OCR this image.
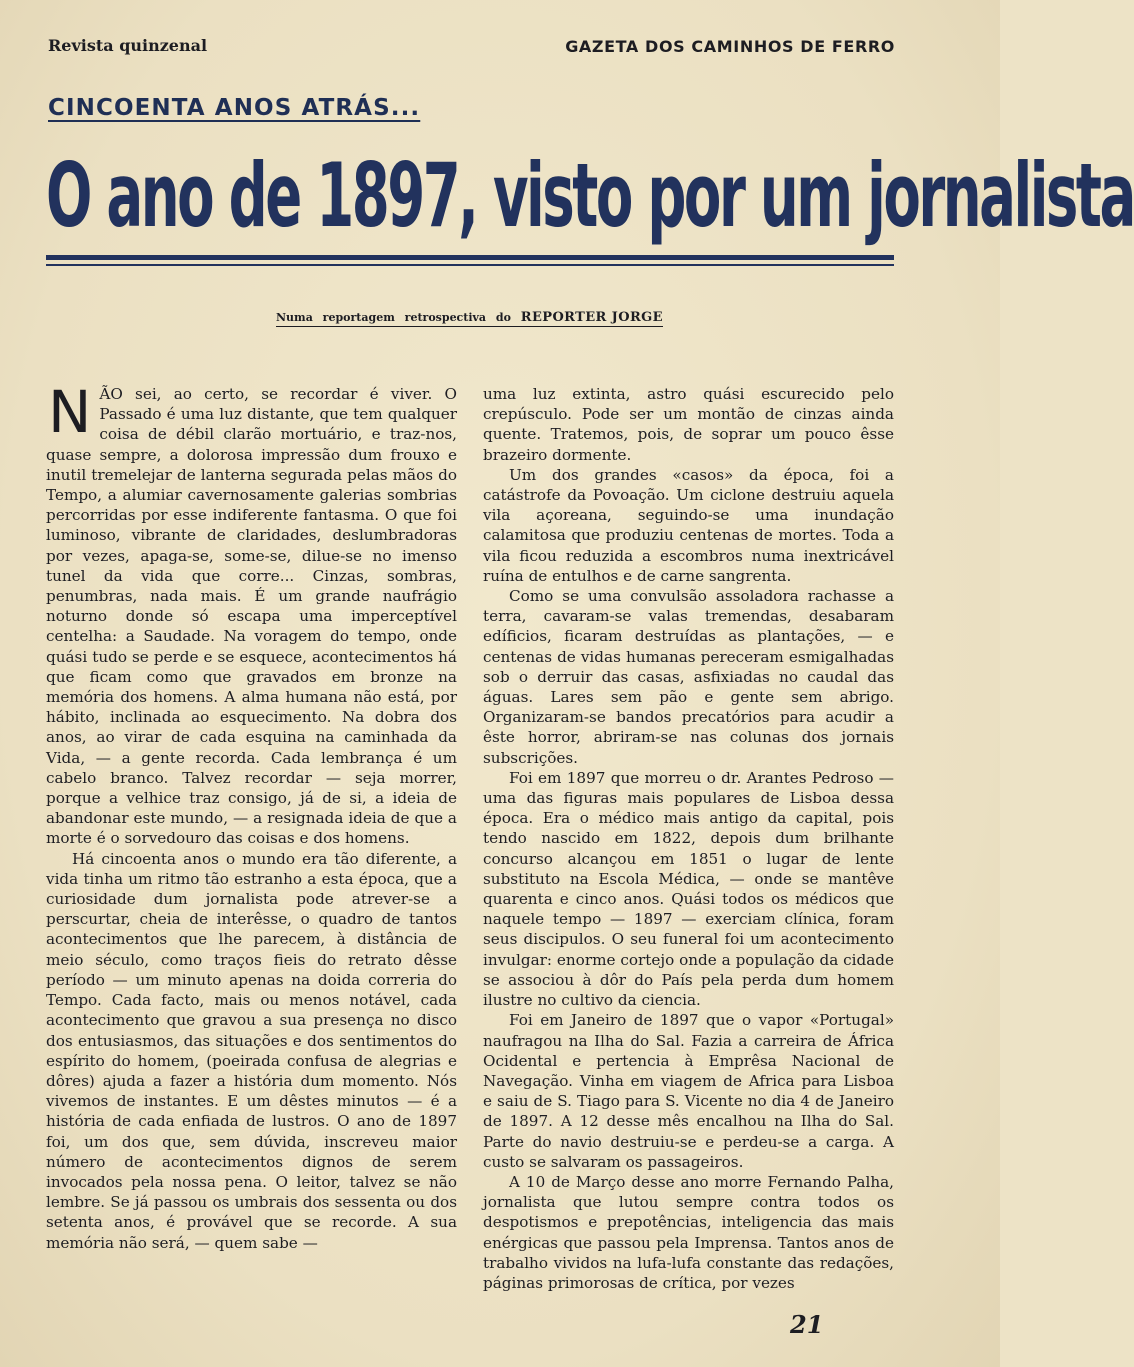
Revista quinzenal	GAZETA DOS CAMINHOS DE FERRO
CINCOENTA ANOS ATRÁS...
O ano de 1897, visto por um jornalista
Numa reportagem retrospectiva do REPORTER JORGE

NÃO sei, ao certo, se recordar é viver. O Passado é uma luz distante, que tem qualquer coisa de débil clarão mortuário, e traz-nos, quase sempre, a dolorosa impressão dum frouxo e inutil tremelejar de lanterna segurada pelas mãos do Tempo, a alumiar cavernosamente galerias sombrias percorridas por esse indiferente fantasma. O que foi luminoso, vibrante de claridades, deslumbradoras por vezes, apaga-se, some-se, dilue-se no imenso tunel da vida que corre... Cinzas, sombras, penumbras, nada mais. É um grande naufrágio noturno donde só escapa uma imperceptível centelha: a Saudade. Na voragem do tempo, onde quási tudo se perde e se esquece, acontecimentos há que ficam como que gravados em bronze na memória dos homens. A alma humana não está, por hábito, inclinada ao esquecimento. Na dobra dos anos, ao virar de cada esquina na caminhada da Vida, — a gente recorda. Cada lembrança é um cabelo branco. Talvez recordar — seja morrer, porque a velhice traz consigo, já de si, a ideia de abandonar este mundo, — a resignada ideia de que a morte é o sorvedouro das coisas e dos homens.

Há cincoenta anos o mundo era tão diferente, a vida tinha um ritmo tão estranho a esta época, que a curiosidade dum jornalista pode atrever-se a perscurtar, cheia de interêsse, o quadro de tantos acontecimentos que lhe parecem, à distância de meio século, como traços fieis do retrato dêsse período — um minuto apenas na doida correria do Tempo. Cada facto, mais ou menos notável, cada acontecimento que gravou a sua presença no disco dos entusiasmos, das situações e dos sentimentos do espírito do homem, (poeirada confusa de alegrias e dôres) ajuda a fazer a história dum momento. Nós vivemos de instantes. E um dêstes minutos — é a história de cada enfiada de lustros. O ano de 1897 foi, um dos que, sem dúvida, inscreveu maior número de acontecimentos dignos de serem invocados pela nossa pena. O leitor, talvez se não lembre. Se já passou os umbrais dos sessenta ou dos setenta anos, é provável que se recorde. A sua memória não será, — quem sabe —

uma luz extinta, astro quási escurecido pelo crepúsculo. Pode ser um montão de cinzas ainda quente. Tratemos, pois, de soprar um pouco êsse brazeiro dormente.

Um dos grandes «casos» da época, foi a catástrofe da Povoação. Um ciclone destruiu aquela vila açoreana, seguindo-se uma inundação calamitosa que produziu centenas de mortes. Toda a vila ficou reduzida a escombros numa inextricável ruína de entulhos e de carne sangrenta.

Como se uma convulsão assoladora rachasse a terra, cavaram-se valas tremendas, desabaram edíficios, ficaram destruídas as plantações, — e centenas de vidas humanas pereceram esmigalhadas sob o derruir das casas, asfixiadas no caudal das águas. Lares sem pão e gente sem abrigo. Organizaram-se bandos precatórios para acudir a êste horror, abriram-se nas colunas dos jornais subscrições.

Foi em 1897 que morreu o dr. Arantes Pedroso — uma das figuras mais populares de Lisboa dessa época. Era o médico mais antigo da capital, pois tendo nascido em 1822, depois dum brilhante concurso alcançou em 1851 o lugar de lente substituto na Escola Médica, — onde se mantêve quarenta e cinco anos. Quási todos os médicos que naquele tempo — 1897 — exerciam clínica, foram seus discipulos. O seu funeral foi um acontecimento invulgar: enorme cortejo onde a população da cidade se associou à dôr do País pela perda dum homem ilustre no cultivo da ciencia.

Foi em Janeiro de 1897 que o vapor «Portugal» naufragou na Ilha do Sal. Fazia a carreira de África Ocidental e pertencia à Emprêsa Nacional de Navegação. Vinha em viagem de Africa para Lisboa e saiu de S. Tiago para S. Vicente no dia 4 de Janeiro de 1897. A 12 desse mês encalhou na Ilha do Sal. Parte do navio destruiu-se e perdeu-se a carga. A custo se salvaram os passageiros.

A 10 de Março desse ano morre Fernando Palha, jornalista que lutou sempre contra todos os despotismos e prepotências, inteligencia das mais enérgicas que passou pela Imprensa. Tantos anos de trabalho vividos na lufa-lufa constante das redações, páginas primorosas de crítica, por vezes

21
